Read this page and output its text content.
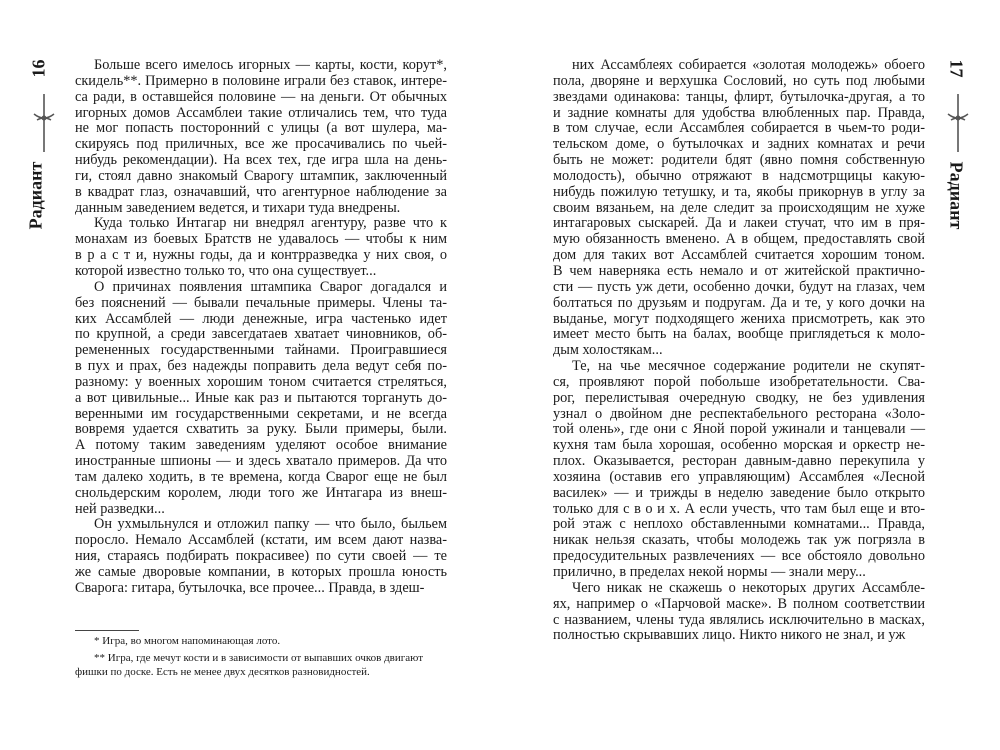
16
Радиант
Больше всего имелось игорных — карты, кости, корут*,
скидель**. Примерно в половине играли без ставок, интере-
са ради, в оставшейся половине — на деньги. От обычных
игорных домов Ассамблеи такие отличались тем, что туда
не мог попасть посторонний с улицы (а вот шулера, ма-
скируясь под приличных, все же просачивались по чьей-
нибудь рекомендации). На всех тех, где игра шла на день-
ги, стоял давно знакомый Сварогу штампик, заключенный
в квадрат глаз, означавший, что агентурное наблюдение за
данным заведением ведется, и тихари туда внедрены.
Куда только Интагар ни внедрял агентуру, разве что к
монахам из боевых Братств не удавалось — чтобы к ним
в р а с т и, нужны годы, да и контрразведка у них своя, о
которой известно только то, что она существует...
О причинах появления штампика Сварог догадался и
без пояснений — бывали печальные примеры. Члены та-
ких Ассамблей — люди денежные, игра частенько идет
по крупной, а среди завсегдатаев хватает чиновников, об-
ремененных государственными тайнами. Проигравшиеся
в пух и прах, без надежды поправить дела ведут себя по-
разному: у военных хорошим тоном считается стреляться,
а вот цивильные... Иные как раз и пытаются торгануть до-
веренными им государственными секретами, и не всегда
вовремя удается схватить за руку. Были примеры, были.
А потому таким заведениям уделяют особое внимание
иностранные шпионы — и здесь хватало примеров. Да что
там далеко ходить, в те времена, когда Сварог еще не был
снольдерским королем, люди того же Интагара из внеш-
ней разведки...
Он ухмыльнулся и отложил папку — что было, быльем
поросло. Немало Ассамблей (кстати, им всем дают назва-
ния, стараясь подбирать покрасивее) по сути своей — те
же самые дворовые компании, в которых прошла юность
Сварога: гитара, бутылочка, все прочее... Правда, в здеш-
* Игра, во многом напоминающая лото.
** Игра, где мечут кости и в зависимости от выпавших очков двигают фишки по доске. Есть не менее двух десятков разновидностей.
17
Радиант
них Ассамблеях собирается «золотая молодежь» обоего
пола, дворяне и верхушка Сословий, но суть под любыми
звездами одинакова: танцы, флирт, бутылочка-другая, а то
и задние комнаты для удобства влюбленных пар. Правда,
в том случае, если Ассамблея собирается в чьем-то роди-
тельском доме, о бутылочках и задних комнатах и речи
быть не может: родители бдят (явно помня собственную
молодость), обычно отряжают в надсмотрщицы какую-
нибудь пожилую тетушку, и та, якобы прикорнув в углу за
своим вязаньем, на деле следит за происходящим не хуже
интагаровых сыскарей. Да и лакеи стучат, что им в пря-
мую обязанность вменено. А в общем, предоставлять свой
дом для таких вот Ассамблей считается хорошим тоном.
В чем наверняка есть немало и от житейской практично-
сти — пусть уж дети, особенно дочки, будут на глазах, чем
болтаться по друзьям и подругам. Да и те, у кого дочки на
выданье, могут подходящего жениха присмотреть, как это
имеет место быть на балах, вообще приглядеться к моло-
дым холостякам...
Те, на чье месячное содержание родители не скупят-
ся, проявляют порой побольше изобретательности. Сва-
рог, перелистывая очередную сводку, не без удивления
узнал о двойном дне респектабельного ресторана «Золо-
той олень», где они с Яной порой ужинали и танцевали —
кухня там была хорошая, особенно морская и оркестр не-
плох. Оказывается, ресторан давным-давно перекупила у
хозяина (оставив его управляющим) Ассамблея «Лесной
василек» — и трижды в неделю заведение было открыто
только для с в о и х. А если учесть, что там был еще и вто-
рой этаж с неплохо обставленными комнатами... Правда,
никак нельзя сказать, чтобы молодежь так уж погрязла в
предосудительных развлечениях — все обстояло довольно
прилично, в пределах некой нормы — знали меру...
Чего никак не скажешь о некоторых других Ассамбле-
ях, например о «Парчовой маске». В полном соответствии
с названием, члены туда являлись исключительно в масках,
полностью скрывавших лицо. Никто никого не знал, и уж
